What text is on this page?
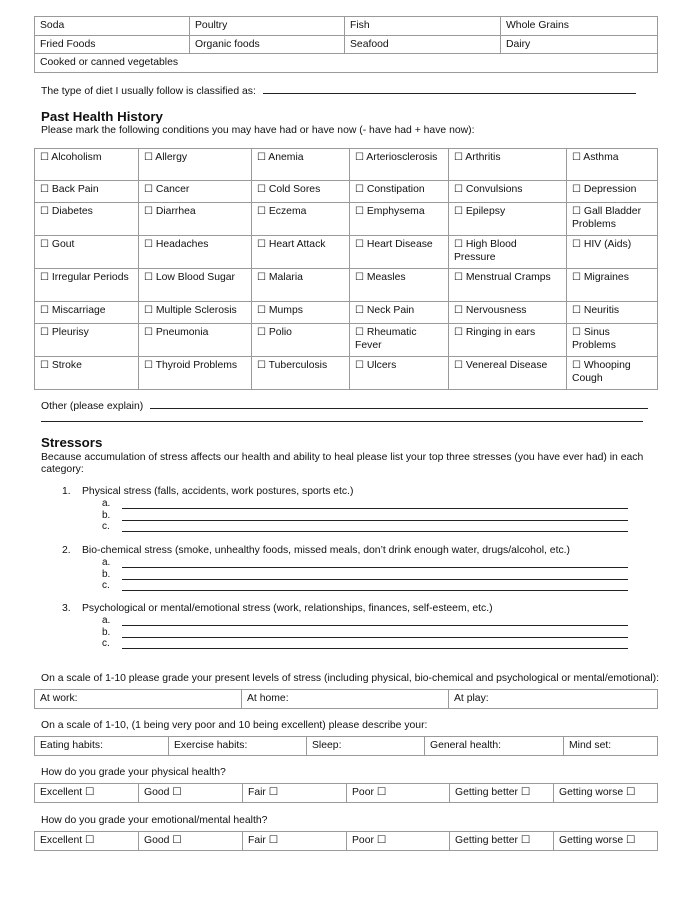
Soda	Poultry	Fish	Whole Grains
Fried Foods	Organic foods	Seafood	Dairy
Cooked or canned vegetables			
The type of diet I usually follow is classified as:
Past Health History
Please mark the following conditions you may have had or have now (- have had + have now):
☐ Alcoholism	☐ Allergy	☐ Anemia	☐ Arteriosclerosis	☐ Arthritis	☐ Asthma
☐ Back Pain	☐ Cancer	☐ Cold Sores	☐ Constipation	☐ Convulsions	☐ Depression
☐ Diabetes	☐ Diarrhea	☐ Eczema	☐ Emphysema	☐ Epilepsy	☐ Gall Bladder Problems
☐ Gout	☐ Headaches	☐ Heart Attack	☐ Heart Disease	☐ High Blood Pressure	☐ HIV (Aids)
☐ Irregular Periods	☐ Low Blood Sugar	☐ Malaria	☐ Measles	☐ Menstrual Cramps	☐ Migraines
☐ Miscarriage	☐ Multiple Sclerosis	☐ Mumps	☐ Neck Pain	☐ Nervousness	☐ Neuritis
☐ Pleurisy	☐ Pneumonia	☐ Polio	☐ Rheumatic Fever	☐ Ringing in ears	☐ Sinus Problems
☐ Stroke	☐ Thyroid Problems	☐ Tuberculosis	☐ Ulcers	☐ Venereal Disease	☐ Whooping Cough
Other (please explain)
Stressors
Because accumulation of stress affects our health and ability to heal please list your top three stresses (you have ever had) in each category:
1. Physical stress (falls, accidents, work postures, sports etc.)
a.
b.
c.
2. Bio-chemical stress (smoke, unhealthy foods, missed meals, don’t drink enough water, drugs/alcohol, etc.)
a.
b.
c.
3. Psychological or mental/emotional stress (work, relationships, finances, self-esteem, etc.)
a.
b.
c.
On a scale of 1-10 please grade your present levels of stress (including physical, bio-chemical and psychological or mental/emotional):
At work:	At home:	At play:
On a scale of 1-10, (1 being very poor and 10 being excellent) please describe your:
Eating habits:	Exercise habits:	Sleep:	General health:	Mind set:
How do you grade your physical health?
Excellent ☐	Good ☐	Fair ☐	Poor ☐	Getting better ☐	Getting worse ☐
How do you grade your emotional/mental health?
Excellent ☐	Good ☐	Fair ☐	Poor ☐	Getting better ☐	Getting worse ☐
